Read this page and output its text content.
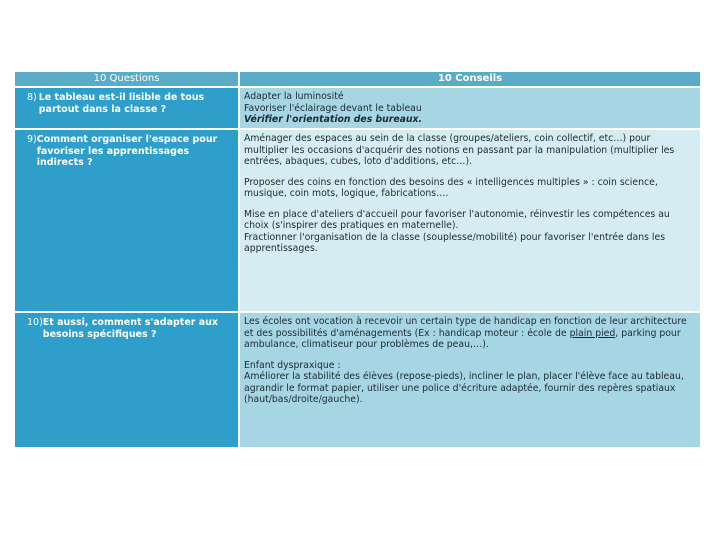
10 Questions	10 Conseils
8) Le tableau est-il lisible de tous partout dans la classe ?

Adapter la luminosité

Favoriser l'éclairage devant le tableau

Vérifier l'orientation des bureaux.

9) Comment organiser l'espace pour favoriser les apprentissages indirects ?

Aménager des espaces au sein de la classe (groupes/ateliers, coin collectif, etc…) pour multiplier les occasions d'acquérir des notions en passant par la manipulation (multiplier les entrées, abaques, cubes, loto d'additions, etc…).

Proposer des coins en fonction des besoins des « intelligences multiples » : coin science, musique, coin mots, logique, fabrications….

Mise en place d'ateliers d'accueil pour favoriser l'autonomie, réinvestir les compétences au choix (s'inspirer des pratiques en maternelle).

Fractionner l'organisation de la classe (souplesse/mobilité) pour favoriser l'entrée dans les apprentissages.

10) Et aussi, comment s'adapter aux besoins spécifiques ?

Les écoles ont vocation à recevoir un certain type de handicap en fonction de leur architecture et des possibilités d'aménagements (Ex : handicap moteur : école de plain pied, parking pour ambulance, climatiseur pour problèmes de peau,…).

Enfant dyspraxique :

Améliorer la stabilité des élèves (repose-pieds), incliner le plan, placer l'élève face au tableau, agrandir le format papier, utiliser une police d'écriture adaptée, fournir des repères spatiaux (haut/bas/droite/gauche).
